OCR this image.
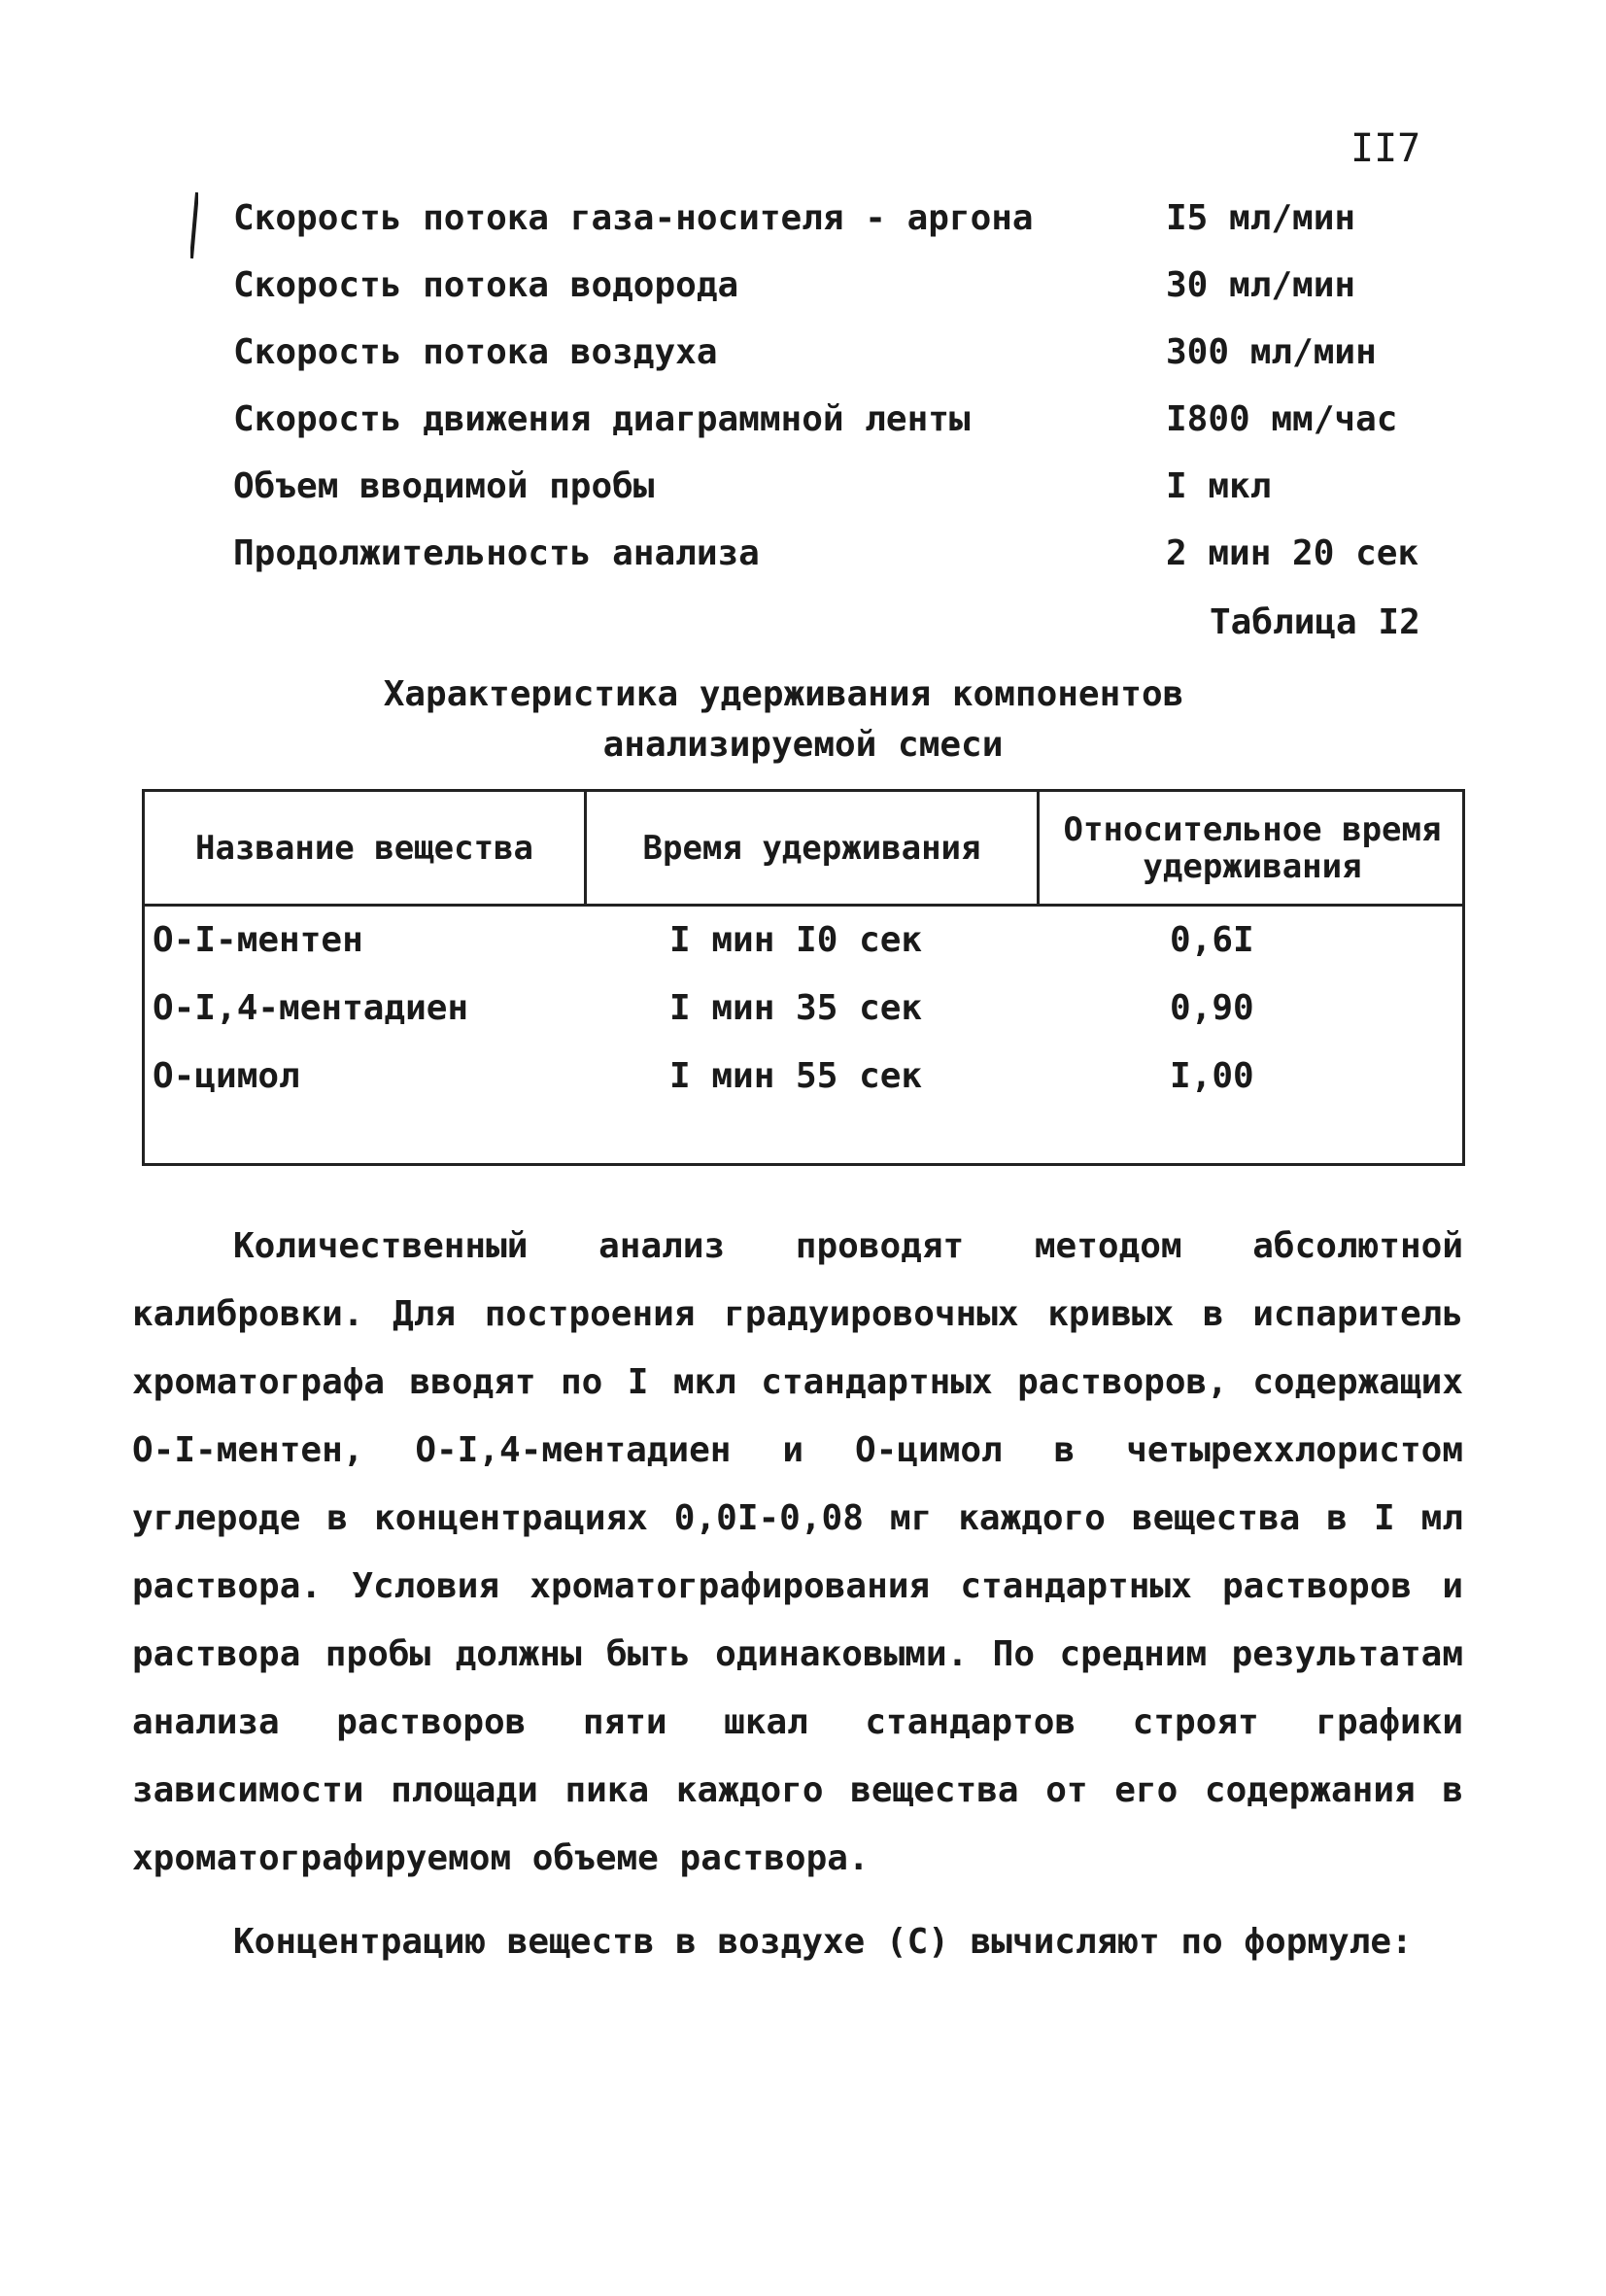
II7
Скорость потока газа-носителя - аргона	I5 мл/мин
Скорость потока водорода	30 мл/мин
Скорость потока воздуха	300 мл/мин
Скорость движения диаграммной ленты	I800 мм/час
Объем вводимой пробы	I мкл
Продолжительность анализа	2 мин 20 сек
Таблица I2
Характеристика удерживания компонентов
анализируемой смеси
Название вещества	Время удерживания	Относительное время удерживания
О-I-ментен	I мин I0 сек	0,6I
О-I,4-ментадиен	I мин 35 сек	0,90
О-цимол	I мин 55 сек	I,00

Количественный анализ проводят методом абсолютной калибровки. Для построения градуировочных кривых в испаритель хроматографа вводят по I мкл стандартных растворов, содержащих О-I-ментен, О-I,4-ментадиен и О-цимол в четыреххлористом углероде в концентрациях 0,0I-0,08 мг каждого вещества в I мл раствора. Условия хроматографирования стандартных растворов и раствора пробы должны быть одинаковыми. По средним результатам анализа растворов пяти шкал стандартов строят графики зависимости площади пика каждого вещества от его содержания в хроматографируемом объеме раствора.

Концентрацию веществ в воздухе (С) вычисляют по формуле:
